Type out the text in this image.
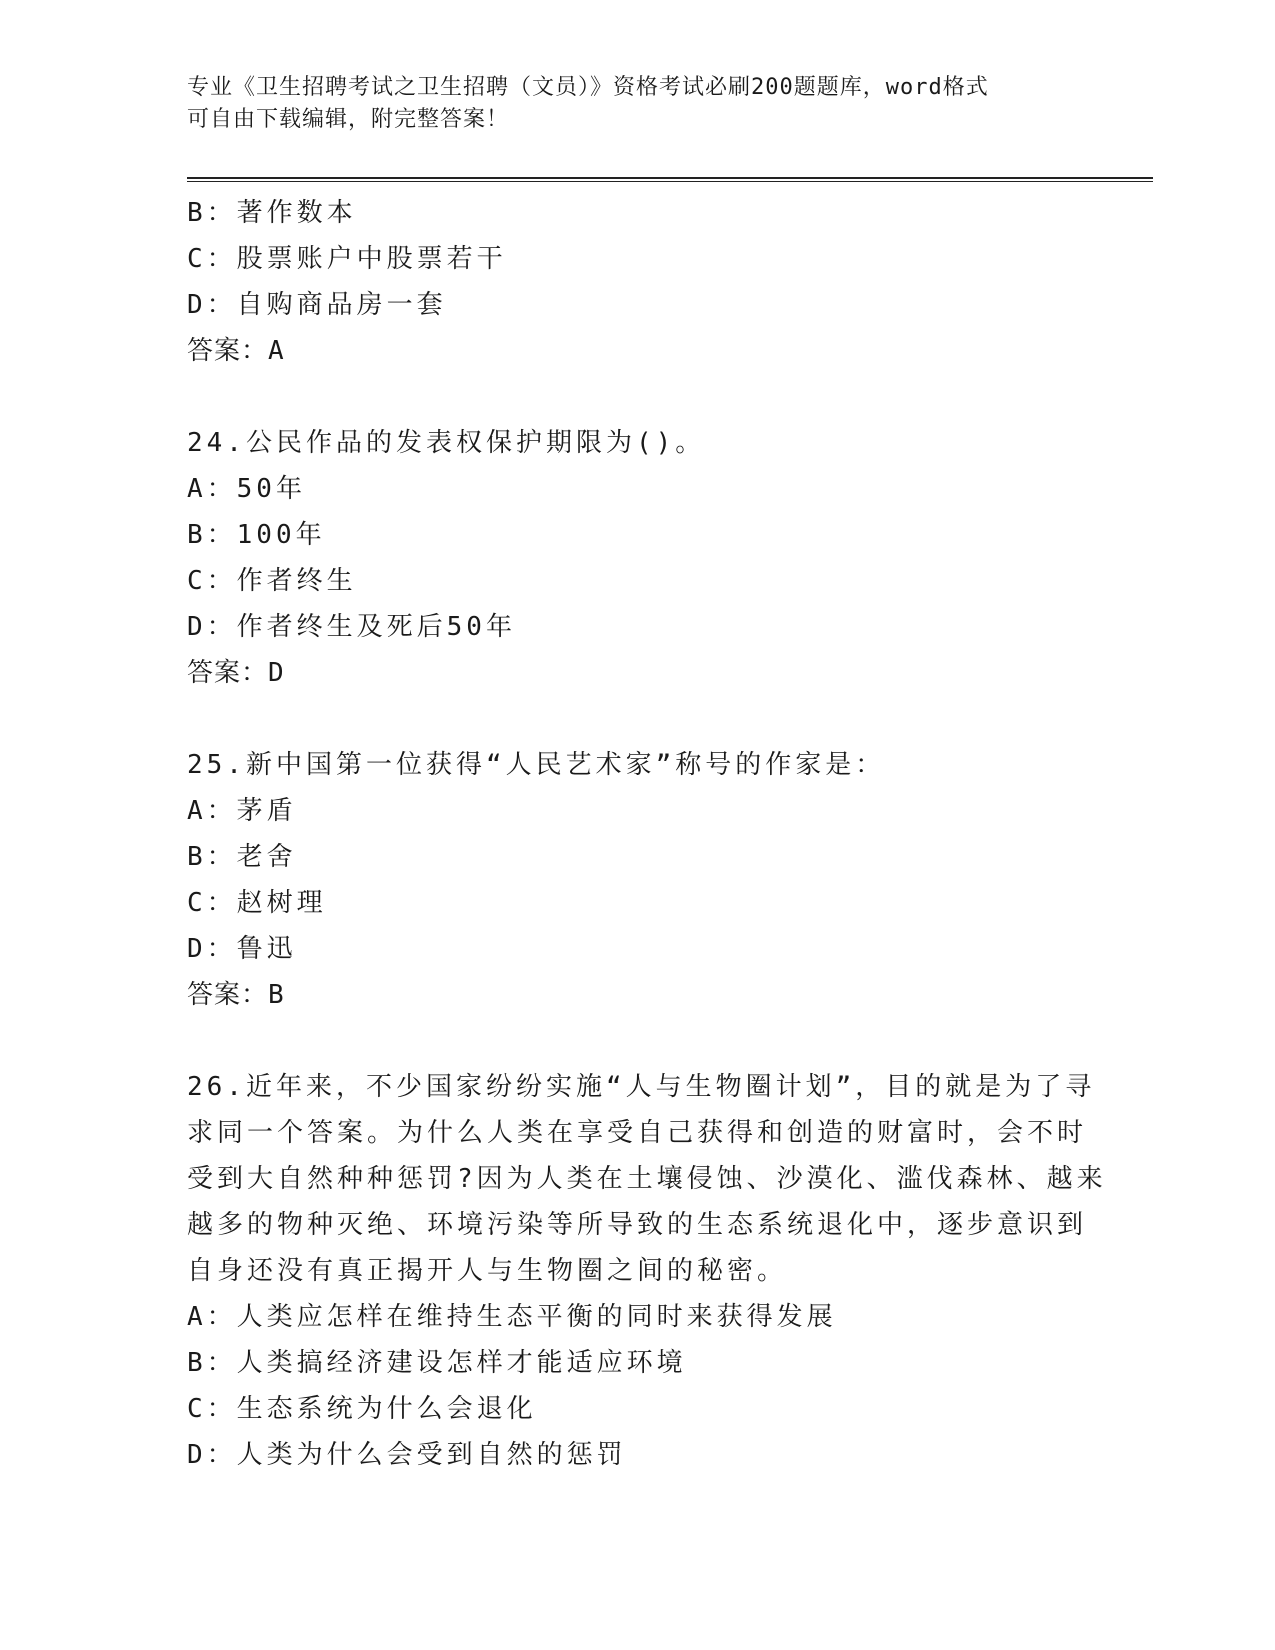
专业《卫生招聘考试之卫生招聘（文员）》资格考试必刷200题题库，word格式
可自由下载编辑，附完整答案！
B：著作数本
C：股票账户中股票若干
D：自购商品房一套
答案：A
24.公民作品的发表权保护期限为()。
A：50年
B：100年
C：作者终生
D：作者终生及死后50年
答案：D
25.新中国第一位获得“人民艺术家”称号的作家是：
A：茅盾
B：老舍
C：赵树理
D：鲁迅
答案：B
26.近年来，不少国家纷纷实施“人与生物圈计划”，目的就是为了寻
求同一个答案。为什么人类在享受自己获得和创造的财富时，会不时
受到大自然种种惩罚?因为人类在土壤侵蚀、沙漠化、滥伐森林、越来
越多的物种灭绝、环境污染等所导致的生态系统退化中，逐步意识到
自身还没有真正揭开人与生物圈之间的秘密。
A：人类应怎样在维持生态平衡的同时来获得发展
B：人类搞经济建设怎样才能适应环境
C：生态系统为什么会退化
D：人类为什么会受到自然的惩罚
